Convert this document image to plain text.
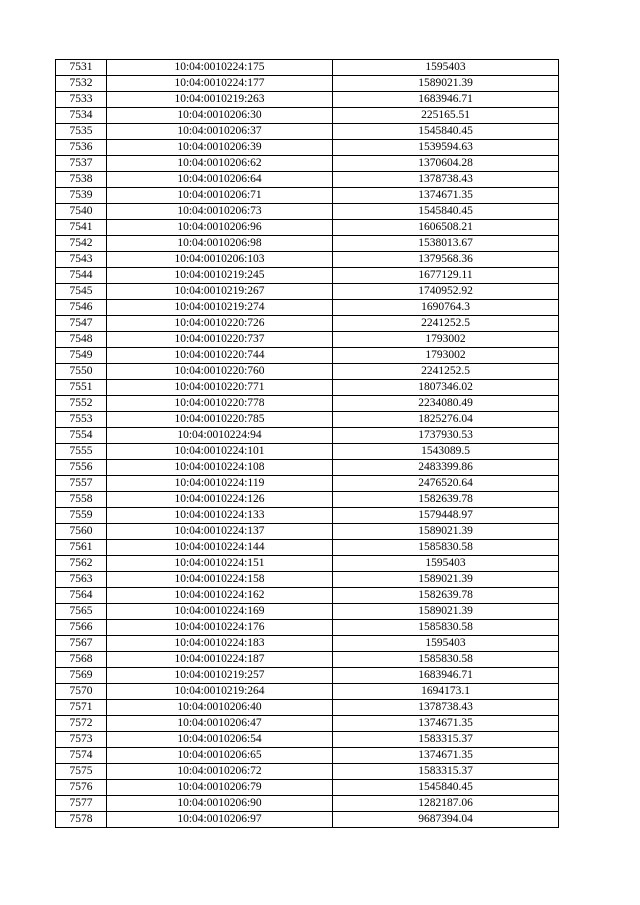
7531	10:04:0010224:175	1595403
7532	10:04:0010224:177	1589021.39
7533	10:04:0010219:263	1683946.71
7534	10:04:0010206:30	225165.51
7535	10:04:0010206:37	1545840.45
7536	10:04:0010206:39	1539594.63
7537	10:04:0010206:62	1370604.28
7538	10:04:0010206:64	1378738.43
7539	10:04:0010206:71	1374671.35
7540	10:04:0010206:73	1545840.45
7541	10:04:0010206:96	1606508.21
7542	10:04:0010206:98	1538013.67
7543	10:04:0010206:103	1379568.36
7544	10:04:0010219:245	1677129.11
7545	10:04:0010219:267	1740952.92
7546	10:04:0010219:274	1690764.3
7547	10:04:0010220:726	2241252.5
7548	10:04:0010220:737	1793002
7549	10:04:0010220:744	1793002
7550	10:04:0010220:760	2241252.5
7551	10:04:0010220:771	1807346.02
7552	10:04:0010220:778	2234080.49
7553	10:04:0010220:785	1825276.04
7554	10:04:0010224:94	1737930.53
7555	10:04:0010224:101	1543089.5
7556	10:04:0010224:108	2483399.86
7557	10:04:0010224:119	2476520.64
7558	10:04:0010224:126	1582639.78
7559	10:04:0010224:133	1579448.97
7560	10:04:0010224:137	1589021.39
7561	10:04:0010224:144	1585830.58
7562	10:04:0010224:151	1595403
7563	10:04:0010224:158	1589021.39
7564	10:04:0010224:162	1582639.78
7565	10:04:0010224:169	1589021.39
7566	10:04:0010224:176	1585830.58
7567	10:04:0010224:183	1595403
7568	10:04:0010224:187	1585830.58
7569	10:04:0010219:257	1683946.71
7570	10:04:0010219:264	1694173.1
7571	10:04:0010206:40	1378738.43
7572	10:04:0010206:47	1374671.35
7573	10:04:0010206:54	1583315.37
7574	10:04:0010206:65	1374671.35
7575	10:04:0010206:72	1583315.37
7576	10:04:0010206:79	1545840.45
7577	10:04:0010206:90	1282187.06
7578	10:04:0010206:97	9687394.04
